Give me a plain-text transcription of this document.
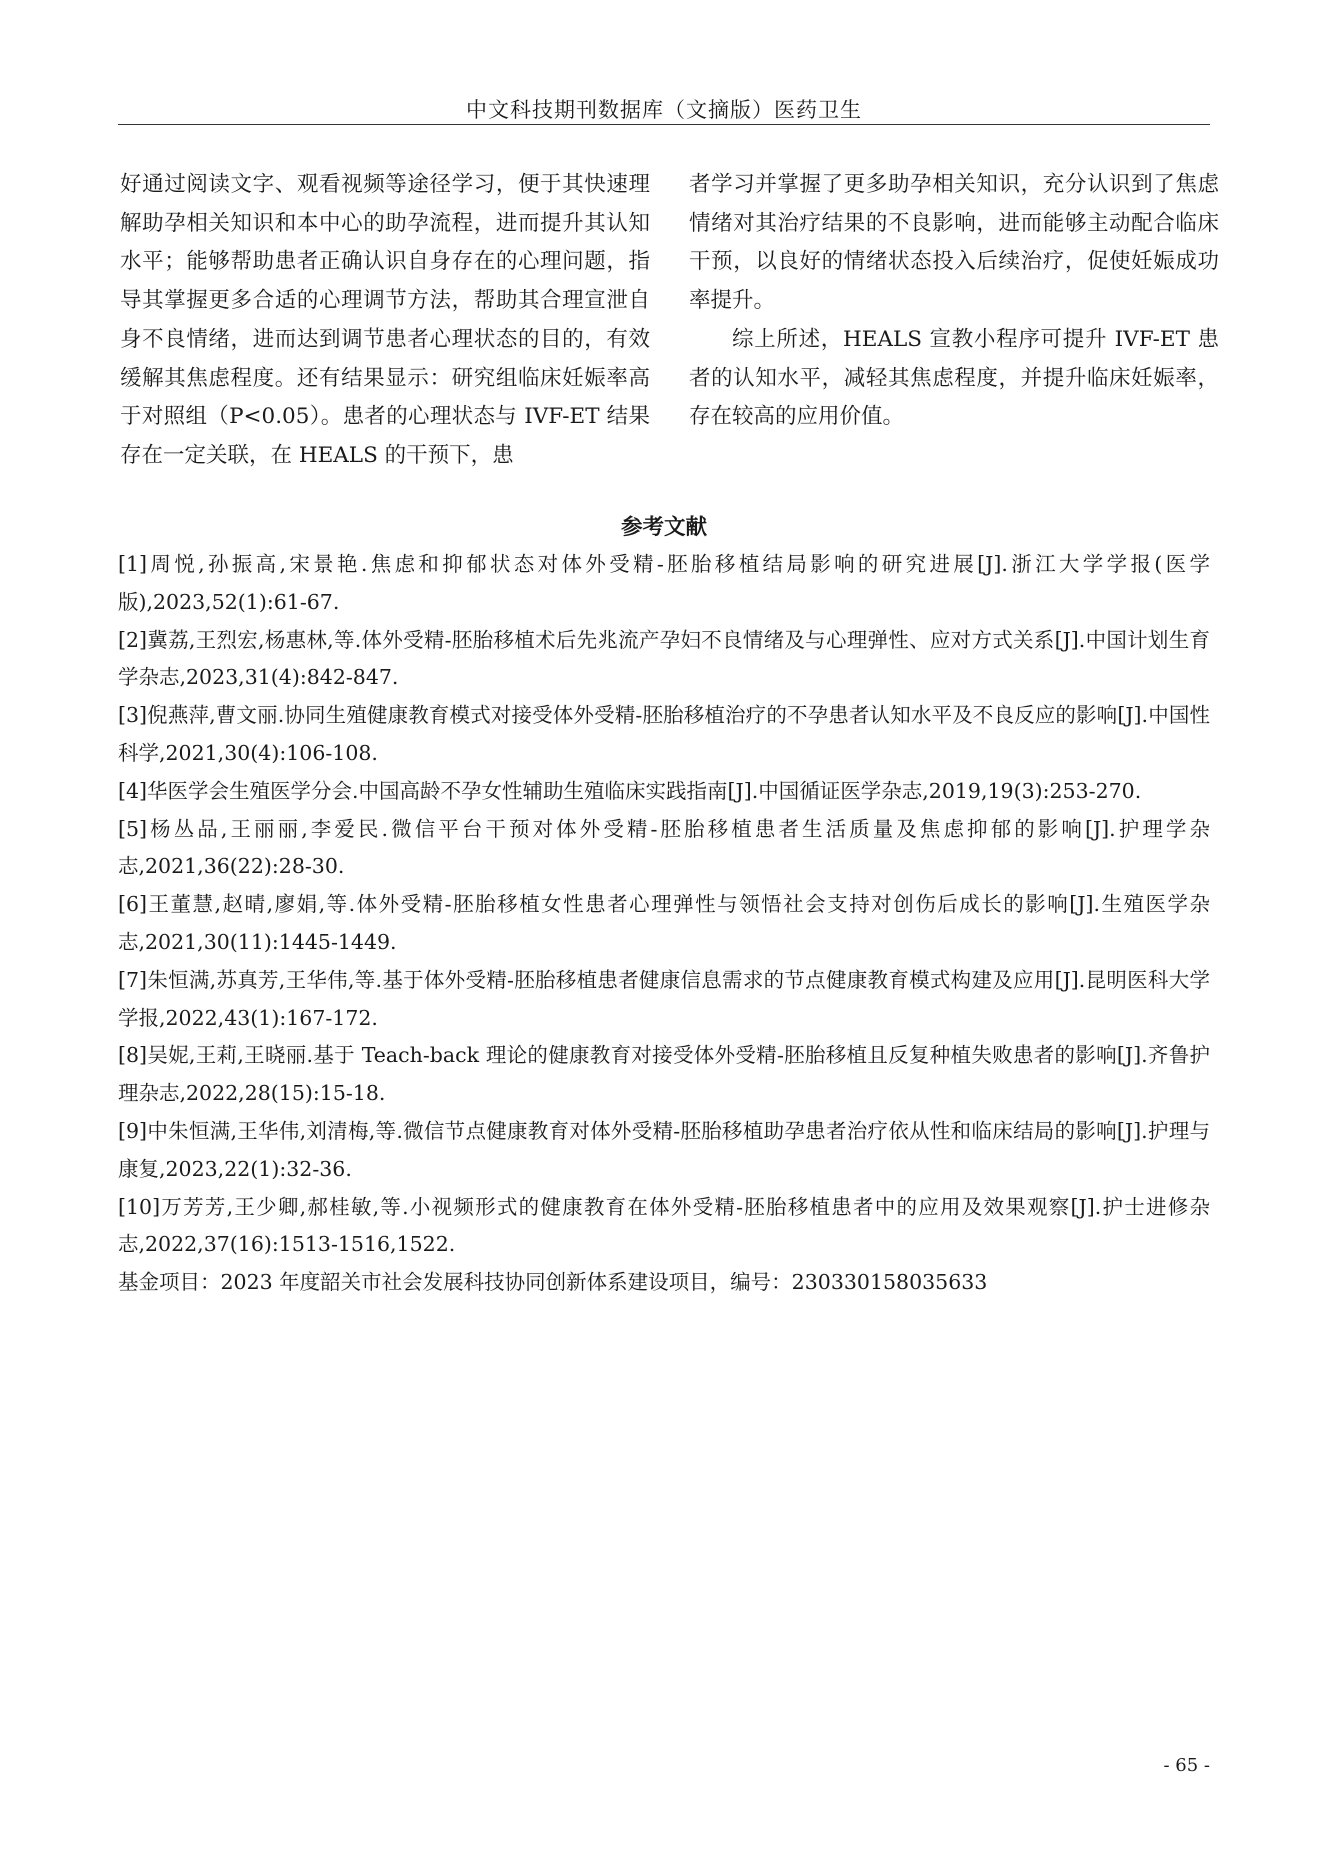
中文科技期刊数据库（文摘版）医药卫生

好通过阅读文字、观看视频等途径学习，便于其快速理解助孕相关知识和本中心的助孕流程，进而提升其认知水平；能够帮助患者正确认识自身存在的心理问题，指导其掌握更多合适的心理调节方法，帮助其合理宣泄自身不良情绪，进而达到调节患者心理状态的目的，有效缓解其焦虑程度。还有结果显示：研究组临床妊娠率高于对照组（P<0.05）。患者的心理状态与 IVF-ET 结果存在一定关联，在 HEALS 的干预下，患

者学习并掌握了更多助孕相关知识，充分认识到了焦虑情绪对其治疗结果的不良影响，进而能够主动配合临床干预，以良好的情绪状态投入后续治疗，促使妊娠成功率提升。

综上所述，HEALS 宣教小程序可提升 IVF-ET 患者的认知水平，减轻其焦虑程度，并提升临床妊娠率，存在较高的应用价值。

参考文献

[1]周悦,孙振高,宋景艳.焦虑和抑郁状态对体外受精-胚胎移植结局影响的研究进展[J].浙江大学学报(医学版),2023,52(1):61-67.

[2]冀荔,王烈宏,杨惠林,等.体外受精-胚胎移植术后先兆流产孕妇不良情绪及与心理弹性、应对方式关系[J].中国计划生育学杂志,2023,31(4):842-847.

[3]倪燕萍,曹文丽.协同生殖健康教育模式对接受体外受精-胚胎移植治疗的不孕患者认知水平及不良反应的影响[J].中国性科学,2021,30(4):106-108.

[4]华医学会生殖医学分会.中国高龄不孕女性辅助生殖临床实践指南[J].中国循证医学杂志,2019,19(3):253-270.

[5]杨丛品,王丽丽,李爱民.微信平台干预对体外受精-胚胎移植患者生活质量及焦虑抑郁的影响[J].护理学杂志,2021,36(22):28-30.

[6]王董慧,赵晴,廖娟,等.体外受精-胚胎移植女性患者心理弹性与领悟社会支持对创伤后成长的影响[J].生殖医学杂志,2021,30(11):1445-1449.

[7]朱恒满,苏真芳,王华伟,等.基于体外受精-胚胎移植患者健康信息需求的节点健康教育模式构建及应用[J].昆明医科大学学报,2022,43(1):167-172.

[8]吴妮,王莉,王晓丽.基于 Teach-back 理论的健康教育对接受体外受精-胚胎移植且反复种植失败患者的影响[J].齐鲁护理杂志,2022,28(15):15-18.

[9]中朱恒满,王华伟,刘清梅,等.微信节点健康教育对体外受精-胚胎移植助孕患者治疗依从性和临床结局的影响[J].护理与康复,2023,22(1):32-36.

[10]万芳芳,王少卿,郝桂敏,等.小视频形式的健康教育在体外受精-胚胎移植患者中的应用及效果观察[J].护士进修杂志,2022,37(16):1513-1516,1522.

基金项目：2023 年度韶关市社会发展科技协同创新体系建设项目，编号：230330158035633

- 65 -
